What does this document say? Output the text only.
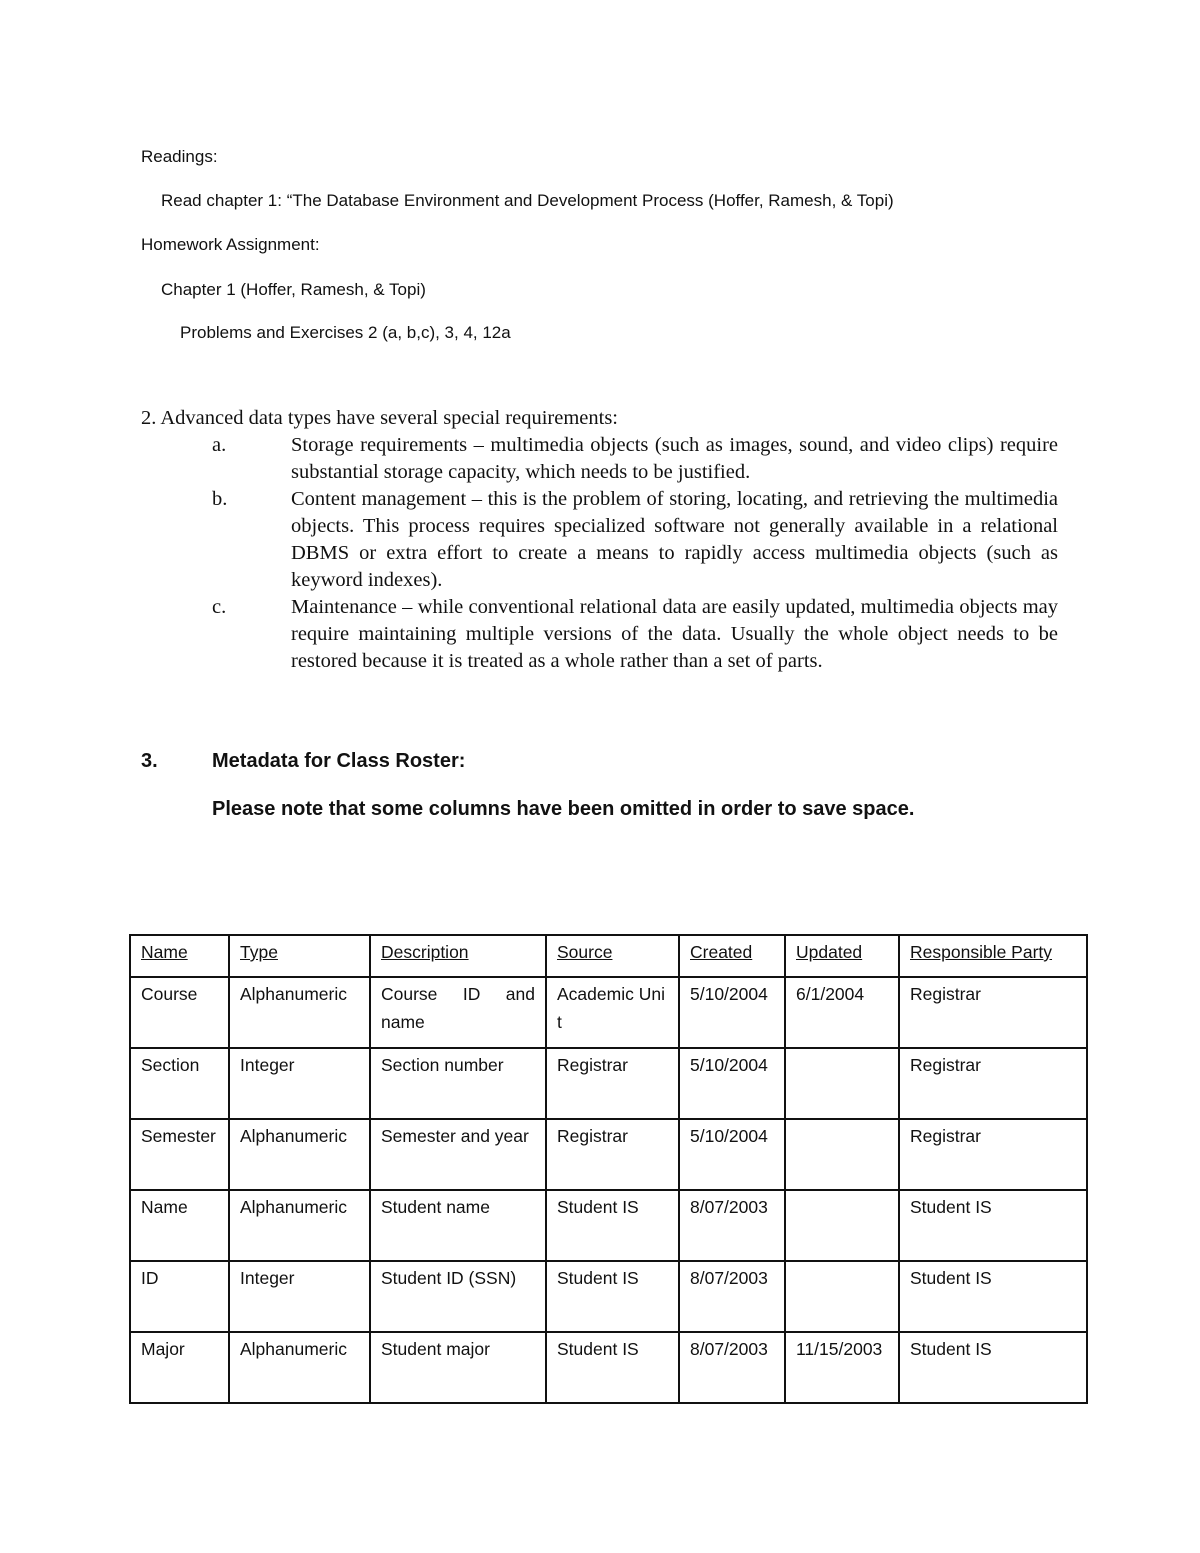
Readings:
Read chapter 1: “The Database Environment and Development Process (Hoffer, Ramesh, & Topi)
Homework Assignment:
Chapter 1 (Hoffer, Ramesh, & Topi)
Problems and Exercises 2 (a, b,c), 3, 4, 12a

2. Advanced data types have several special requirements:

a.	Storage requirements – multimedia objects (such as images, sound, and video clips) require substantial storage capacity, which needs to be justified.
b.	Content management – this is the problem of storing, locating, and retrieving the multimedia objects. This process requires specialized software not generally available in a relational DBMS or extra effort to create a means to rapidly access multimedia objects (such as keyword indexes).
c.	Maintenance – while conventional relational data are easily updated, multimedia objects may require maintaining multiple versions of the data. Usually the whole object needs to be restored because it is treated as a whole rather than a set of parts.
3.	Metadata for Class Roster:
Please note that some columns have been omitted in order to save space.
Name	Type	Description	Source	Created	Updated	Responsible Party
Course	Alphanumeric	Course ID and name	Academic Unit	5/10/2004	6/1/2004	Registrar
Section	Integer	Section number	Registrar	5/10/2004		Registrar
Semester	Alphanumeric	Semester and year	Registrar	5/10/2004		Registrar
Name	Alphanumeric	Student name	Student IS	8/07/2003		Student IS
ID	Integer	Student ID (SSN)	Student IS	8/07/2003		Student IS
Major	Alphanumeric	Student major	Student IS	8/07/2003	11/15/2003	Student IS
